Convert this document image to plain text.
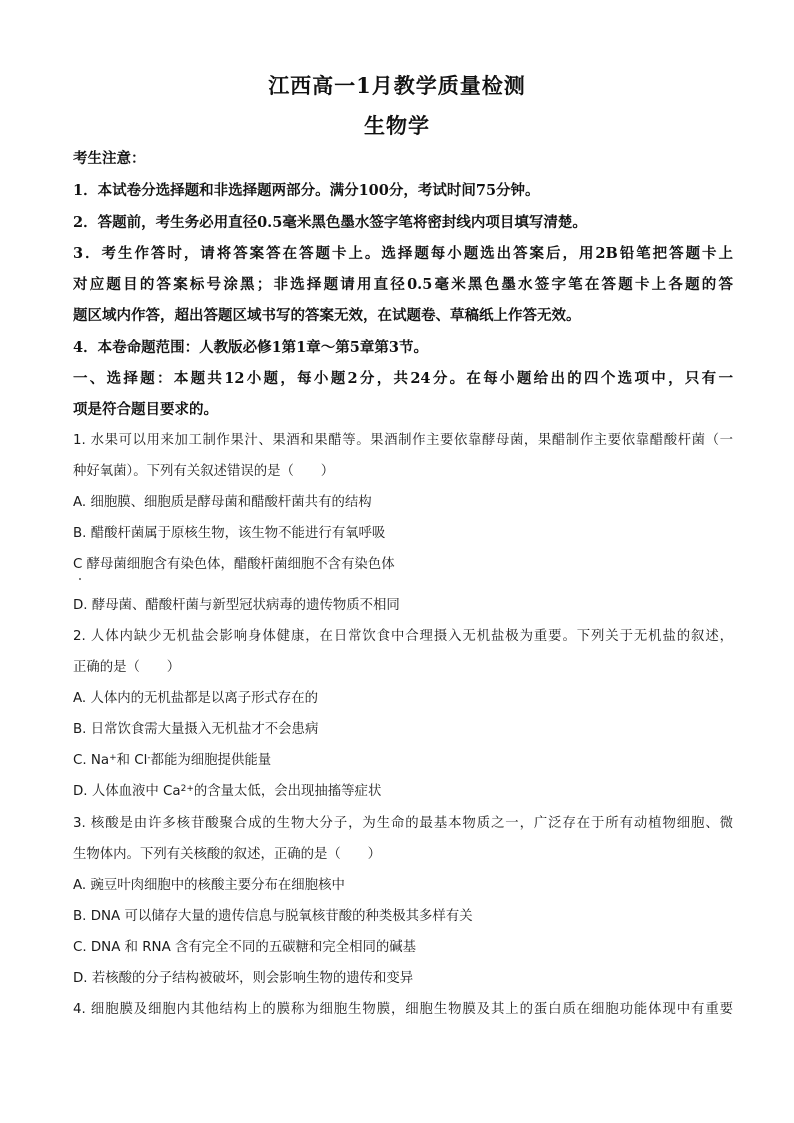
江西高一1月教学质量检测
生物学
考生注意：
1．本试卷分选择题和非选择题两部分。满分100分，考试时间75分钟。
2．答题前，考生务必用直径0.5毫米黑色墨水签字笔将密封线内项目填写清楚。
3．考生作答时，请将答案答在答题卡上。选择题每小题选出答案后，用2B铅笔把答题卡上
对应题目的答案标号涂黑；非选择题请用直径0.5毫米黑色墨水签字笔在答题卡上各题的答
题区域内作答，超出答题区域书写的答案无效，在试题卷、草稿纸上作答无效。
4．本卷命题范围：人教版必修1第1章～第5章第3节。
一、选择题：本题共12小题，每小题2分，共24分。在每小题给出的四个选项中，只有一
项是符合题目要求的。
1. 水果可以用来加工制作果汁、果酒和果醋等。果酒制作主要依靠酵母菌，果醋制作主要依靠醋酸杆菌（一
种好氧菌）。下列有关叙述错误的是（　　）
A. 细胞膜、细胞质是酵母菌和醋酸杆菌共有的结构
B. 醋酸杆菌属于原核生物，该生物不能进行有氧呼吸
C 酵母菌细胞含有染色体，醋酸杆菌细胞不含有染色体
D. 酵母菌、醋酸杆菌与新型冠状病毒的遗传物质不相同
2. 人体内缺少无机盐会影响身体健康，在日常饮食中合理摄入无机盐极为重要。下列关于无机盐的叙述，
正确的是（　　）
A. 人体内的无机盐都是以离子形式存在的
B. 日常饮食需大量摄入无机盐才不会患病
C. Na+和 Cl-都能为细胞提供能量
D. 人体血液中 $Ca^{2+}$的含量太低，会出现抽搐等症状
3. 核酸是由许多核苷酸聚合成的生物大分子，为生命的最基本物质之一，广泛存在于所有动植物细胞、微
生物体内。下列有关核酸的叙述，正确的是（　　）
A. 豌豆叶肉细胞中的核酸主要分布在细胞核中
B. DNA 可以储存大量的遗传信息与脱氧核苷酸的种类极其多样有关
C. DNA 和 RNA 含有完全不同的五碳糖和完全相同的碱基
D. 若核酸的分子结构被破坏，则会影响生物的遗传和变异
4. 细胞膜及细胞内其他结构上的膜称为细胞生物膜，细胞生物膜及其上的蛋白质在细胞功能体现中有重要
